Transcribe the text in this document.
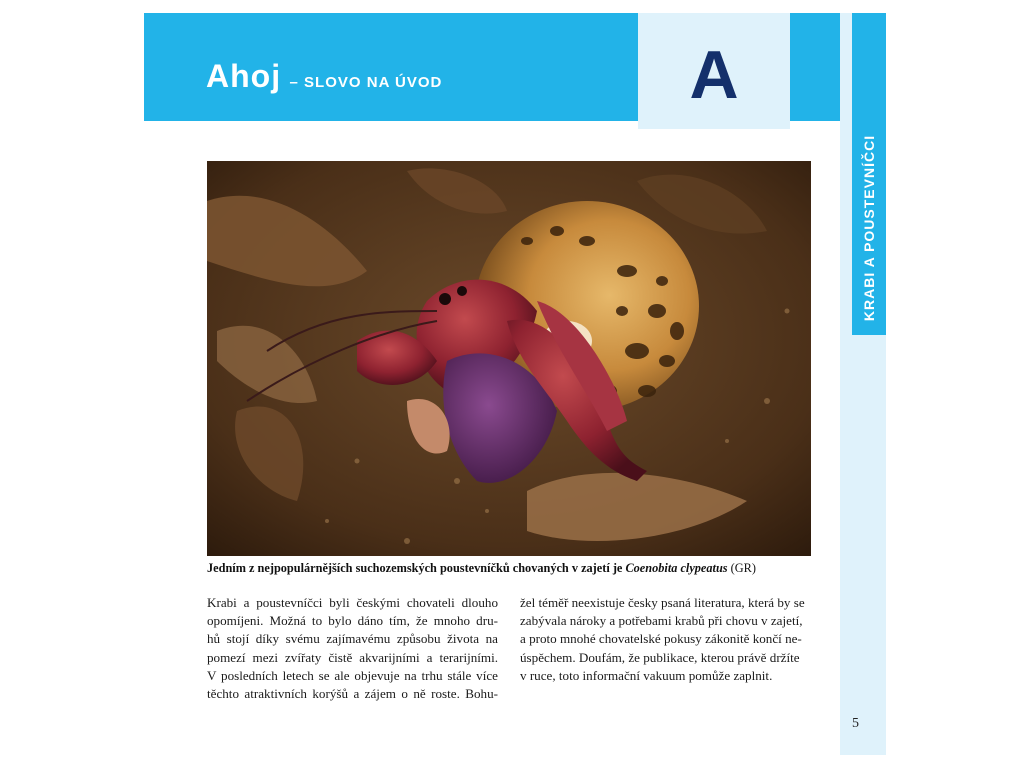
Ahoj – SLOVO NA ÚVOD	A
KRABI A POUSTEVNÍČCI
Jedním z nejpopulárnějších suchozemských poustevníčků chovaných v zajetí je Coenobita clypeatus (GR)
Krabi a poustevníčci byli českými chovateli dlouho
opomíjeni. Možná to bylo dáno tím, že mnoho dru-
hů stojí díky svému zajímavému způsobu života na
pomezí mezi zvířaty čistě akvarijními a terarijními.
V posledních letech se ale objevuje na trhu stále více
těchto atraktivních korýšů a zájem o ně roste. Bohu-
žel téměř neexistuje česky psaná literatura, která by se
zabývala nároky a potřebami krabů při chovu v zajetí,
a proto mnohé chovatelské pokusy zákonitě končí ne-
úspěchem. Doufám, že publikace, kterou právě držíte
v ruce, toto informační vakuum pomůže zaplnit.
5
